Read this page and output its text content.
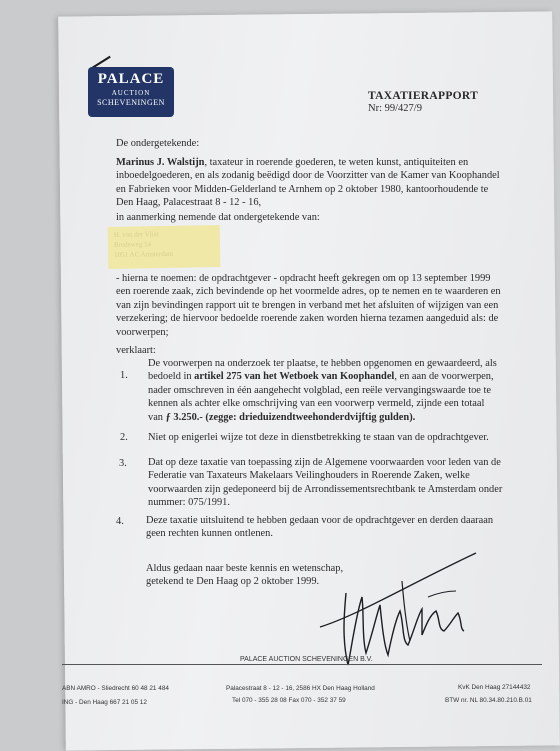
PALACE
AUCTION
SCHEVENINGEN
TAXATIERAPPORT
Nr: 99/427/9
De ondergetekende:
Marinus J. Walstijn, taxateur in roerende goederen, te weten kunst, antiquiteiten en
inboedelgoederen, en als zodanig beëdigd door de Voorzitter van de Kamer van Koophandel
en Fabrieken voor Midden-Gelderland te Arnhem op 2 oktober 1980, kantoorhoudende te
Den Haag, Palacestraat 8 - 12 - 16,
in aanmerking nemende dat ondergetekende van:
H. van der Vlist
Bredeweg 14
1051 AC Amsterdam
- hierna te noemen: de opdrachtgever - opdracht heeft gekregen om op 13 september 1999
een roerende zaak, zich bevindende op het voormelde adres, op te nemen en te waarderen en
van zijn bevindingen rapport uit te brengen in verband met het afsluiten of wijzigen van een
verzekering; de hiervoor bedoelde roerende zaken worden hierna tezamen aangeduid als: de
voorwerpen;
verklaart:
1.
De voorwerpen na onderzoek ter plaatse, te hebben opgenomen en gewaardeerd, als
bedoeld in artikel 275 van het Wetboek van Koophandel, en aan de voorwerpen,
nader omschreven in één aangehecht volgblad, een reële vervangingswaarde toe te
kennen als achter elke omschrijving van een voorwerp vermeld, zijnde een totaal
van ƒ 3.250.- (zegge: drieduizendtweehonderdvijftig gulden).
2. Niet op enigerlei wijze tot deze in dienstbetrekking te staan van de opdrachtgever.
3. Dat op deze taxatie van toepassing zijn de Algemene voorwaarden voor leden van de
Federatie van Taxateurs Makelaars Veilinghouders in Roerende Zaken, welke
voorwaarden zijn gedeponeerd bij de Arrondissementsrechtbank te Amsterdam onder
nummer: 075/1991.
4. Deze taxatie uitsluitend te hebben gedaan voor de opdrachtgever en derden daaraan
geen rechten kunnen ontlenen.
Aldus gedaan naar beste kennis en wetenschap,
getekend te Den Haag op 2 oktober 1999.
PALACE AUCTION SCHEVENINGEN B.V.
ABN AMRO - Sliedrecht 60 48 21 484
ING - Den Haag 667 21 05 12
Palacestraat 8 - 12 - 16, 2586 HX Den Haag Holland
Tel 070 - 355 28 08 Fax 070 - 352 37 59
KvK Den Haag 27144432
BTW nr. NL 80.34.80.210.B.01
